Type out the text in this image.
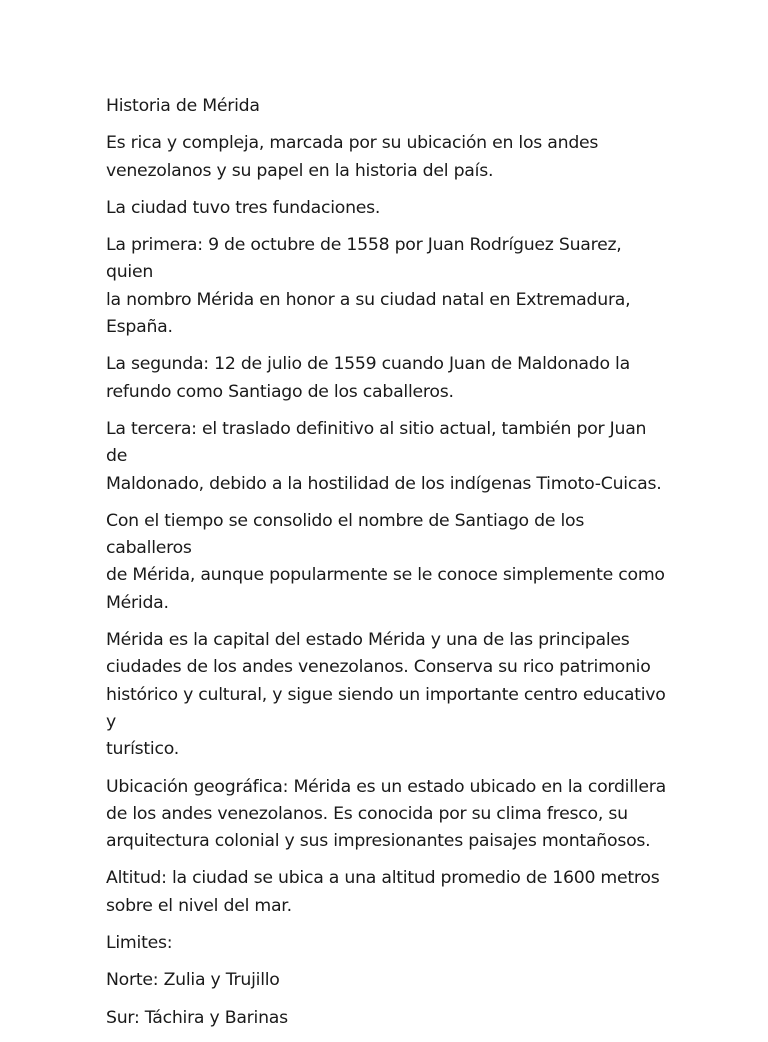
Historia de Mérida

Es rica y compleja, marcada por su ubicación en los andes
venezolanos y su papel en la historia del país.

La ciudad tuvo tres fundaciones.

La primera: 9 de octubre de 1558 por Juan Rodríguez Suarez, quien
la nombro Mérida en honor a su ciudad natal en Extremadura,
España.

La segunda: 12 de julio de 1559 cuando Juan de Maldonado la
refundo como Santiago de los caballeros.

La tercera: el traslado definitivo al sitio actual, también por Juan de
Maldonado, debido a la hostilidad de los indígenas Timoto-Cuicas.

Con el tiempo se consolido el nombre de Santiago de los caballeros
de Mérida, aunque popularmente se le conoce simplemente como
Mérida.

Mérida es la capital del estado Mérida y una de las principales
ciudades de los andes venezolanos. Conserva su rico patrimonio
histórico y cultural, y sigue siendo un importante centro educativo y
turístico.

Ubicación geográfica: Mérida es un estado ubicado en la cordillera
de los andes venezolanos. Es conocida por su clima fresco, su
arquitectura colonial y sus impresionantes paisajes montañosos.

Altitud: la ciudad se ubica a una altitud promedio de 1600 metros
sobre el nivel del mar.

Limites:

Norte: Zulia y Trujillo

Sur: Táchira y Barinas
